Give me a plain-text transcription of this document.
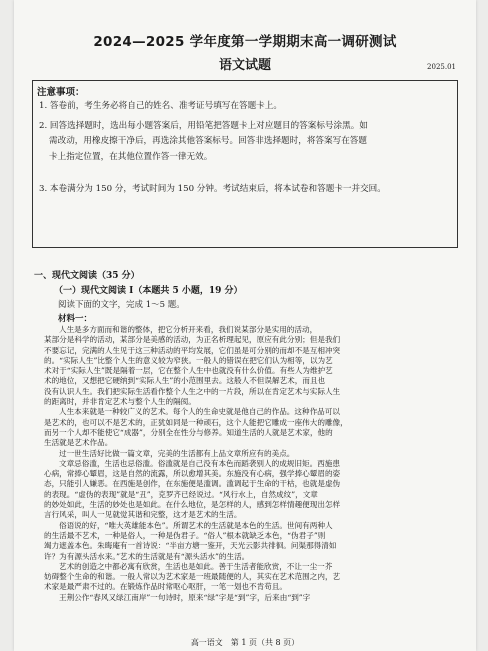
2024—2025 学年度第一学期期末高一调研测试
语文试题	2025.01
注意事项：
1. 答卷前，考生务必将自己的姓名、准考证号填写在答题卡上。
2. 回答选择题时，选出每小题答案后，用铅笔把答题卡上对应题目的答案标号涂黑。如
需改动，用橡皮擦干净后，再选涂其他答案标号。回答非选择题时，将答案写在答题
卡上指定位置，在其他位置作答一律无效。
3. 本卷满分为 150 分，考试时间为 150 分钟。考试结束后，将本试卷和答题卡一并交回。
一、现代文阅读（35 分）
（一）现代文阅读 I（本题共 5 小题，19 分）
阅读下面的文字，完成 1～5 题。
材料一：
人生是多方面而和谐的整体，把它分析开来看，我们说某部分是实用的活动，
某部分是科学的活动，某部分是美感的活动，为正名析理起见，原应有此分别；但是我们
不要忘记，完满的人生见于这三种活动的平均发展，它们虽是可分别的而却不是互相冲突
的。“实际人生”比整个人生的意义较为窄狭。一般人的错误在把它们认为相等，以为艺
术对于“实际人生”既是隔着一层，它在整个人生中也就没有什么价值。有些人为维护艺
术的地位，又想把它硬纳到“实际人生”的小范围里去。这般人不但误解艺术，而且也
没有认识人生。我们把实际生活看作整个人生之中的一片段，所以在肯定艺术与实际人生
的距离时，并非肯定艺术与整个人生的隔阂。
人生本来就是一种较广义的艺术。每个人的生命史就是他自己的作品。这种作品可以
是艺术的，也可以不是艺术的，正犹如同是一种顽石，这个人能把它雕成一座伟大的雕像，
而另一个人却不能使它“成器”，分别全在性分与修养。知道生活的人就是艺术家，他的
生活就是艺术作品。
过一世生活好比做一篇文章，完美的生活都有上品文章所应有的美点。
文章忌俗滥，生活也忌俗滥。俗滥就是自己没有本色而蹈袭别人的成规旧矩。西施患
心病，常捧心颦眉，这是自然的流露，所以愈增其美。东施没有心病，强学捧心颦眉的姿
态，只能引人嫌恶。在西施是创作，在东施便是滥调。滥调起于生命的干枯，也就是虚伪
的表现。“虚伪的表现”就是“丑”，克罗齐已经说过。“风行水上，自然成纹”，文章
的妙处如此，生活的妙处也是如此。在什么地位，是怎样的人，感到怎样情趣便现出怎样
言行风采，叫人一见就觉其谐和完整，这才是艺术的生活。
俗语说的好，“唯大英雄能本色”。所谓艺术的生活就是本色的生活。世间有两种人
的生活最不艺术，一种是俗人，一种是伪君子。“俗人”根本就缺乏本色，“伪君子”则
竭力遮盖本色。朱晦庵有一首诗说：“半亩方塘一鉴开，天光云影共徘徊。问渠那得清如
许？为有源头活水来。”艺术的生活就是有“源头活水”的生活。
艺术的创造之中都必寓有欣赏，生活也是如此。善于生活者能欣赏，不让一尘一芥
妨碍整个生命的和谐。一般人常以为艺术家是一班最随便的人，其实在艺术范围之内，艺
术家是最严肃不过的。在锻炼作品时常呕心呕肝，一笔一划也不肯苟且。
王荆公作“春风又绿江南岸”一句诗时，原来“绿”字是“到”字，后来由“到”字
高一语文　第 1 页（共 8 页）
